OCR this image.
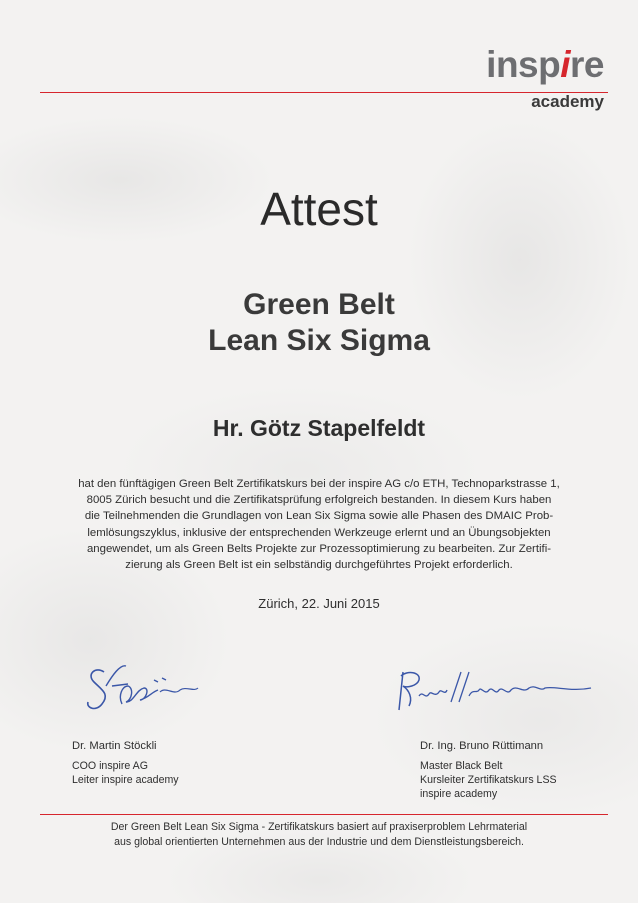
inspire
academy
Attest
Green Belt
Lean Six Sigma
Hr. Götz Stapelfeldt
hat den fünftägigen Green Belt Zertifikatskurs bei der inspire AG c/o ETH, Technoparkstrasse 1,
8005 Zürich besucht und die Zertifikatsprüfung erfolgreich bestanden. In diesem Kurs haben
die Teilnehmenden die Grundlagen von Lean Six Sigma sowie alle Phasen des DMAIC Prob-
lemlösungszyklus, inklusive der entsprechenden Werkzeuge erlernt und an Übungsobjekten
angewendet, um als Green Belts Projekte zur Prozessoptimierung zu bearbeiten. Zur Zertifi-
zierung als Green Belt ist ein selbständig durchgeführtes Projekt erforderlich.
Zürich, 22. Juni 2015
Dr. Martin Stöckli
COO inspire AG
Leiter inspire academy
Dr. Ing. Bruno Rüttimann
Master Black Belt
Kursleiter Zertifikatskurs LSS
inspire academy
Der Green Belt Lean Six Sigma - Zertifikatskurs basiert auf praxiserproblem Lehrmaterial
aus global orientierten Unternehmen aus der Industrie und dem Dienstleistungsbereich.
